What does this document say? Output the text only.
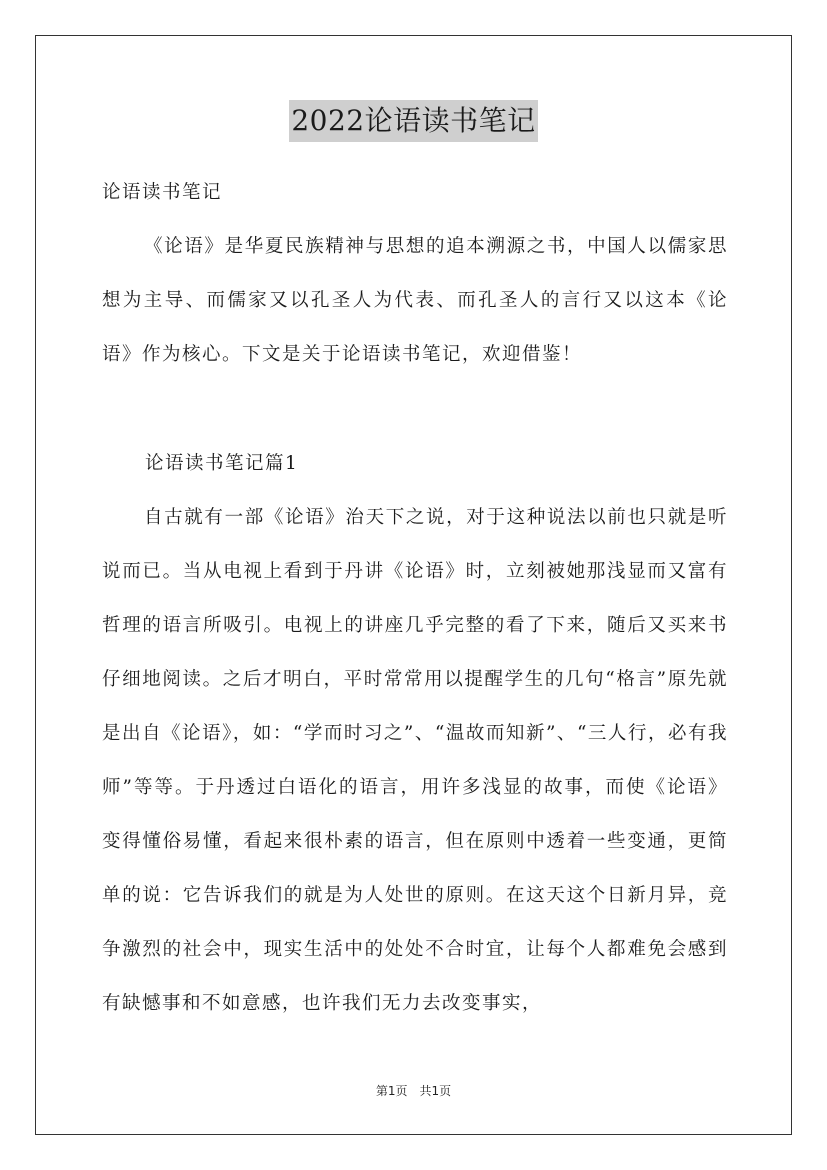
2022论语读书笔记
论语读书笔记
《论语》是华夏民族精神与思想的追本溯源之书，中国人以儒家思想为主导、而儒家又以孔圣人为代表、而孔圣人的言行又以这本《论语》作为核心。下文是关于论语读书笔记，欢迎借鉴！
论语读书笔记篇1
自古就有一部《论语》治天下之说，对于这种说法以前也只就是听说而已。当从电视上看到于丹讲《论语》时，立刻被她那浅显而又富有哲理的语言所吸引。电视上的讲座几乎完整的看了下来，随后又买来书仔细地阅读。之后才明白，平时常常用以提醒学生的几句“格言”原先就是出自《论语》，如：“学而时习之”、“温故而知新”、“三人行，必有我师”等等。于丹透过白语化的语言，用许多浅显的故事，而使《论语》变得懂俗易懂，看起来很朴素的语言，但在原则中透着一些变通，更简单的说：它告诉我们的就是为人处世的原则。在这天这个日新月异，竞争激烈的社会中，现实生活中的处处不合时宜，让每个人都难免会感到有缺憾事和不如意感，也许我们无力去改变事实，
第1页 共1页
